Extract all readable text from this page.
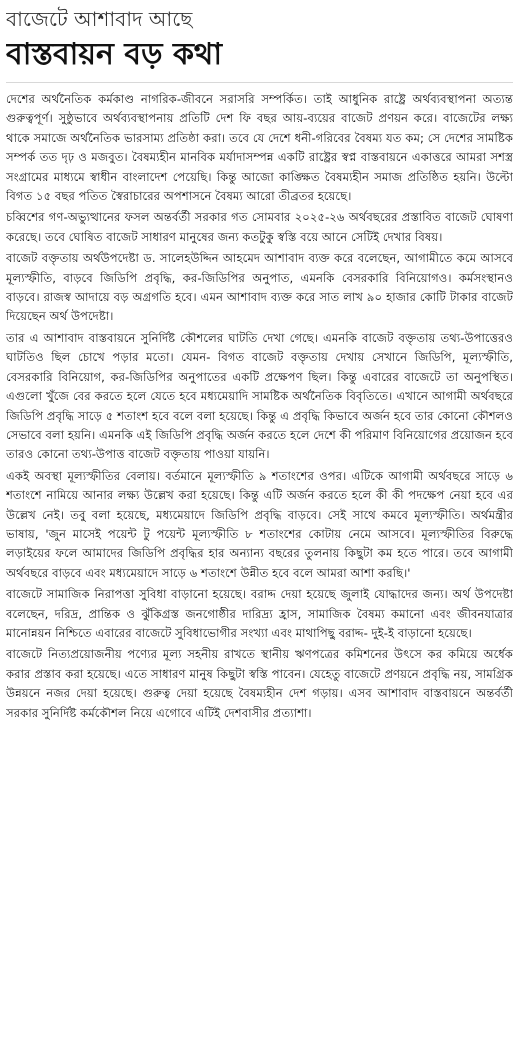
বাজেটে আশাবাদ আছে
বাস্তবায়ন বড় কথা

দেশের অর্থনৈতিক কর্মকাণ্ড নাগরিক-জীবনে সরাসরি সম্পর্কিত। তাই আধুনিক রাষ্ট্রে অর্থব্যবস্থাপনা অত্যন্ত গুরুত্বপূর্ণ। সুষ্ঠুভাবে অর্থব্যবস্থাপনায় প্রতিটি দেশ ফি বছর আয়-ব্যয়ের বাজেট প্রণয়ন করে। বাজেটের লক্ষ্য থাকে সমাজে অর্থনৈতিক ভারসাম্য প্রতিষ্ঠা করা। তবে যে দেশে ধনী-গরিবের বৈষম্য যত কম; সে দেশের সামষ্টিক সম্পর্ক তত দৃঢ় ও মজবুত। বৈষম্যহীন মানবিক মর্যাদাসম্পন্ন একটি রাষ্ট্রের স্বপ্ন বাস্তবায়নে একাত্তরে আমরা সশস্ত্র সংগ্রামের মাধ্যমে স্বাধীন বাংলাদেশ পেয়েছি। কিন্তু আজো কাঙ্ক্ষিত বৈষম্যহীন সমাজ প্রতিষ্ঠিত হয়নি। উল্টো বিগত ১৫ বছর পতিত স্বৈরাচারের অপশাসনে বৈষম্য আরো তীব্রতর হয়েছে।

চব্বিশের গণ-অভ্যুত্থানের ফসল অন্তর্বর্তী সরকার গত সোমবার ২০২৫-২৬ অর্থবছরের প্রস্তাবিত বাজেট ঘোষণা করেছে। তবে ঘোষিত বাজেট সাধারণ মানুষের জন্য কতটুকু স্বস্তি বয়ে আনে সেটিই দেখার বিষয়।

বাজেট বক্তৃতায় অর্থউপদেষ্টা ড. সালেহউদ্দিন আহমেদ আশাবাদ ব্যক্ত করে বলেছেন, আগামীতে কমে আসবে মূল্যস্ফীতি, বাড়বে জিডিপি প্রবৃদ্ধি, কর-জিডিপির অনুপাত, এমনকি বেসরকারি বিনিয়োগও। কর্মসংস্থানও বাড়বে। রাজস্ব আদায়ে বড় অগ্রগতি হবে। এমন আশাবাদ ব্যক্ত করে সাত লাখ ৯০ হাজার কোটি টাকার বাজেট দিয়েছেন অর্থ উপদেষ্টা।

তার এ আশাবাদ বাস্তবায়নে সুনির্দিষ্ট কৌশলের ঘাটতি দেখা গেছে। এমনকি বাজেট বক্তৃতায় তথ্য-উপাত্তেরও ঘাটতিও ছিল চোখে পড়ার মতো। যেমন- বিগত বাজেট বক্তৃতায় দেখায় সেখানে জিডিপি, মূল্যস্ফীতি, বেসরকারি বিনিয়োগ, কর-জিডিপির অনুপাতের একটি প্রক্ষেপণ ছিল। কিন্তু এবারের বাজেটে তা অনুপস্থিত। এগুলো খুঁজে বের করতে হলে যেতে হবে মধ্যমেয়াদি সামষ্টিক অর্থনৈতিক বিবৃতিতে। এখানে আগামী অর্থবছরে জিডিপি প্রবৃদ্ধি সাড়ে ৫ শতাংশ হবে বলে বলা হয়েছে। কিন্তু এ প্রবৃদ্ধি কিভাবে অর্জন হবে তার কোনো কৌশলও সেভাবে বলা হয়নি। এমনকি এই জিডিপি প্রবৃদ্ধি অর্জন করতে হলে দেশে কী পরিমাণ বিনিয়োগের প্রয়োজন হবে তারও কোনো তথ্য-উপাত্ত বাজেট বক্তৃতায় পাওয়া যায়নি।

একই অবস্থা মূল্যস্ফীতির বেলায়। বর্তমানে মূল্যস্ফীতি ৯ শতাংশের ওপর। এটিকে আগামী অর্থবছরে সাড়ে ৬ শতাংশে নামিয়ে আনার লক্ষ্য উল্লেখ করা হয়েছে। কিন্তু এটি অর্জন করতে হলে কী কী পদক্ষেপ নেয়া হবে এর উল্লেখ নেই। তবু বলা হয়েছে, মধ্যমেয়াদে জিডিপি প্রবৃদ্ধি বাড়বে। সেই সাথে কমবে মূল্যস্ফীতি। অর্থমন্ত্রীর ভাষায়, 'জুন মাসেই পয়েন্ট টু পয়েন্ট মূল্যস্ফীতি ৮ শতাংশের কোটায় নেমে আসবে। মূল্যস্ফীতির বিরুদ্ধে লড়াইয়ের ফলে আমাদের জিডিপি প্রবৃদ্ধির হার অন্যান্য বছরের তুলনায় কিছুটা কম হতে পারে। তবে আগামী অর্থবছরে বাড়বে এবং মধ্যমেয়াদে সাড়ে ৬ শতাংশে উন্নীত হবে বলে আমরা আশা করছি।'

বাজেটে সামাজিক নিরাপত্তা সুবিধা বাড়ানো হয়েছে। বরাদ্দ দেয়া হয়েছে জুলাই যোদ্ধাদের জন্য। অর্থ উপদেষ্টা বলেছেন, দরিদ্র, প্রান্তিক ও ঝুঁকিগ্রস্ত জনগোষ্ঠীর দারিদ্র্য হ্রাস, সামাজিক বৈষম্য কমানো এবং জীবনযাত্রার মানোন্নয়ন নিশ্চিতে এবারের বাজেটে সুবিধাভোগীর সংখ্যা এবং মাথাপিছু বরাদ্দ- দুই-ই বাড়ানো হয়েছে।

বাজেটে নিত্যপ্রয়োজনীয় পণ্যের মূল্য সহনীয় রাখতে স্থানীয় ঋণপত্রের কমিশনের উৎসে কর কমিয়ে অর্ধেক করার প্রস্তাব করা হয়েছে। এতে সাধারণ মানুষ কিছুটা স্বস্তি পাবেন। যেহেতু বাজেটে প্রণয়নে প্রবৃদ্ধি নয়, সামগ্রিক উন্নয়নে নজর দেয়া হয়েছে। গুরুত্ব দেয়া হয়েছে বৈষম্যহীন দেশ গড়ায়। এসব আশাবাদ বাস্তবায়নে অন্তর্বর্তী সরকার সুনির্দিষ্ট কর্মকৌশল নিয়ে এগোবে এটিই দেশবাসীর প্রত্যাশা।
